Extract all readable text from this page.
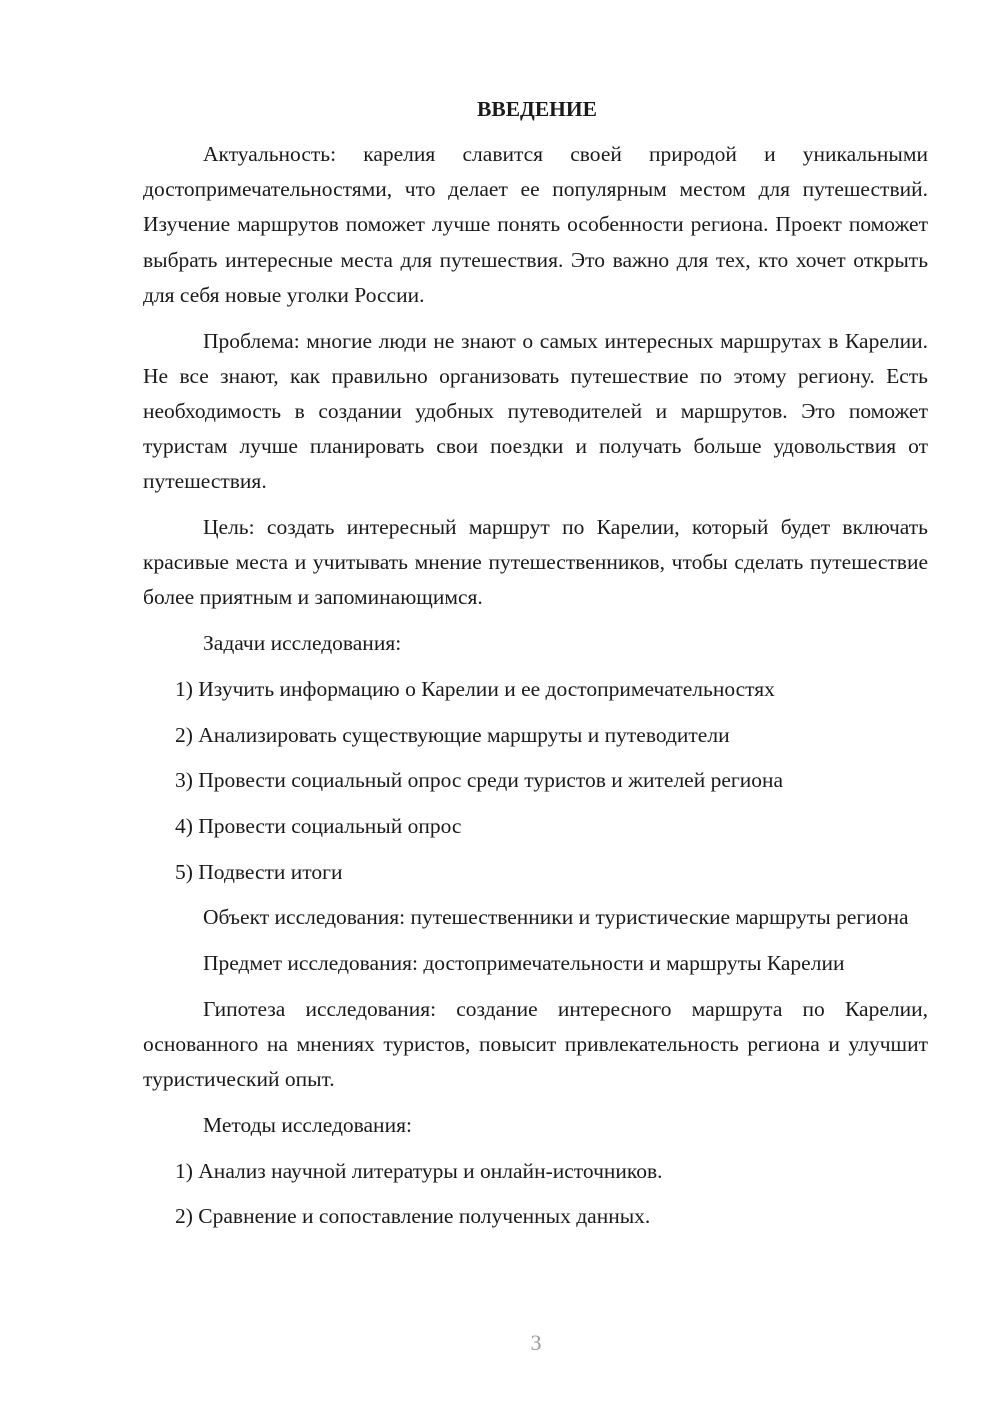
ВВЕДЕНИЕ

Актуальность: карелия славится своей природой и уникальными достопримечательностями, что делает ее популярным местом для путешествий. Изучение маршрутов поможет лучше понять особенности региона. Проект поможет выбрать интересные места для путешествия. Это важно для тех, кто хочет открыть для себя новые уголки России.

Проблема: многие люди не знают о самых интересных маршрутах в Карелии. Не все знают, как правильно организовать путешествие по этому региону. Есть необходимость в создании удобных путеводителей и маршрутов. Это поможет туристам лучше планировать свои поездки и получать больше удовольствия от путешествия.

Цель: создать интересный маршрут по Карелии, который будет включать красивые места и учитывать мнение путешественников, чтобы сделать путешествие более приятным и запоминающимся.

Задачи исследования:

1) Изучить информацию о Карелии и ее достопримечательностях
2) Анализировать существующие маршруты и путеводители
3) Провести социальный опрос среди туристов и жителей региона
4) Провести социальный опрос
5) Подвести итоги

Объект исследования: путешественники и туристические маршруты региона

Предмет исследования: достопримечательности и маршруты Карелии

Гипотеза исследования: создание интересного маршрута по Карелии, основанного на мнениях туристов, повысит привлекательность региона и улучшит туристический опыт.

Методы исследования:

1) Анализ научной литературы и онлайн-источников.
2) Сравнение и сопоставление полученных данных.
3
